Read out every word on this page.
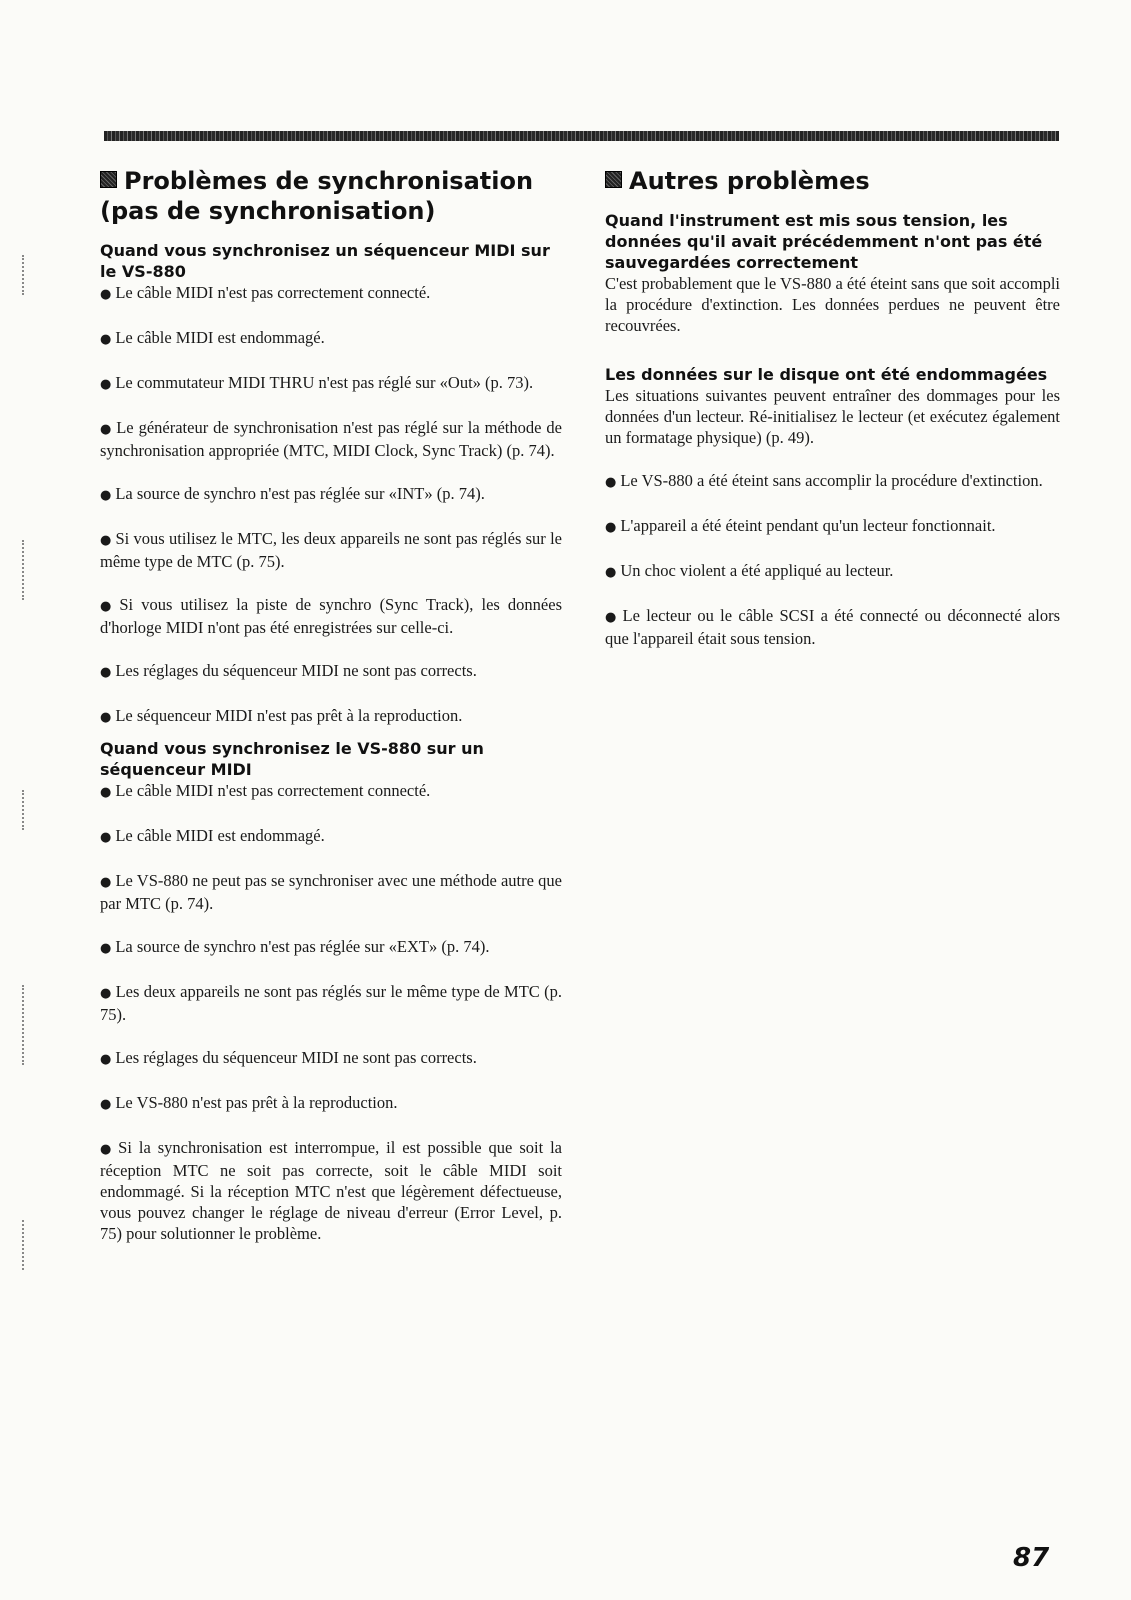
Problèmes de synchronisation (pas de synchronisation)
Quand vous synchronisez un séquenceur MIDI sur le VS-880

● Le câble MIDI n'est pas correctement connecté.

● Le câble MIDI est endommagé.

● Le commutateur MIDI THRU n'est pas réglé sur «Out» (p. 73).

● Le générateur de synchronisation n'est pas réglé sur la méthode de synchronisation appropriée (MTC, MIDI Clock, Sync Track) (p. 74).

● La source de synchro n'est pas réglée sur «INT» (p. 74).

● Si vous utilisez le MTC, les deux appareils ne sont pas réglés sur le même type de MTC (p. 75).

● Si vous utilisez la piste de synchro (Sync Track), les données d'horloge MIDI n'ont pas été enregistrées sur celle-ci.

● Les réglages du séquenceur MIDI ne sont pas corrects.

● Le séquenceur MIDI n'est pas prêt à la reproduction.

Quand vous synchronisez le VS-880 sur un séquenceur MIDI

● Le câble MIDI n'est pas correctement connecté.

● Le câble MIDI est endommagé.

● Le VS-880 ne peut pas se synchroniser avec une méthode autre que par MTC (p. 74).

● La source de synchro n'est pas réglée sur «EXT» (p. 74).

● Les deux appareils ne sont pas réglés sur le même type de MTC (p. 75).

● Les réglages du séquenceur MIDI ne sont pas corrects.

● Le VS-880 n'est pas prêt à la reproduction.

● Si la synchronisation est interrompue, il est possible que soit la réception MTC ne soit pas correcte, soit le câble MIDI soit endommagé. Si la réception MTC n'est que légèrement défectueuse, vous pouvez changer le réglage de niveau d'erreur (Error Level, p. 75) pour solutionner le problème.

Autres problèmes
Quand l'instrument est mis sous tension, les données qu'il avait précédemment n'ont pas été sauvegardées correctement

C'est probablement que le VS-880 a été éteint sans que soit accompli la procédure d'extinction. Les données perdues ne peuvent être recouvrées.

Les données sur le disque ont été endommagées

Les situations suivantes peuvent entraîner des dommages pour les données d'un lecteur. Ré-initialisez le lecteur (et exécutez également un formatage physique) (p. 49).

● Le VS-880 a été éteint sans accomplir la procédure d'extinction.

● L'appareil a été éteint pendant qu'un lecteur fonctionnait.

● Un choc violent a été appliqué au lecteur.

● Le lecteur ou le câble SCSI a été connecté ou déconnecté alors que l'appareil était sous tension.

87
